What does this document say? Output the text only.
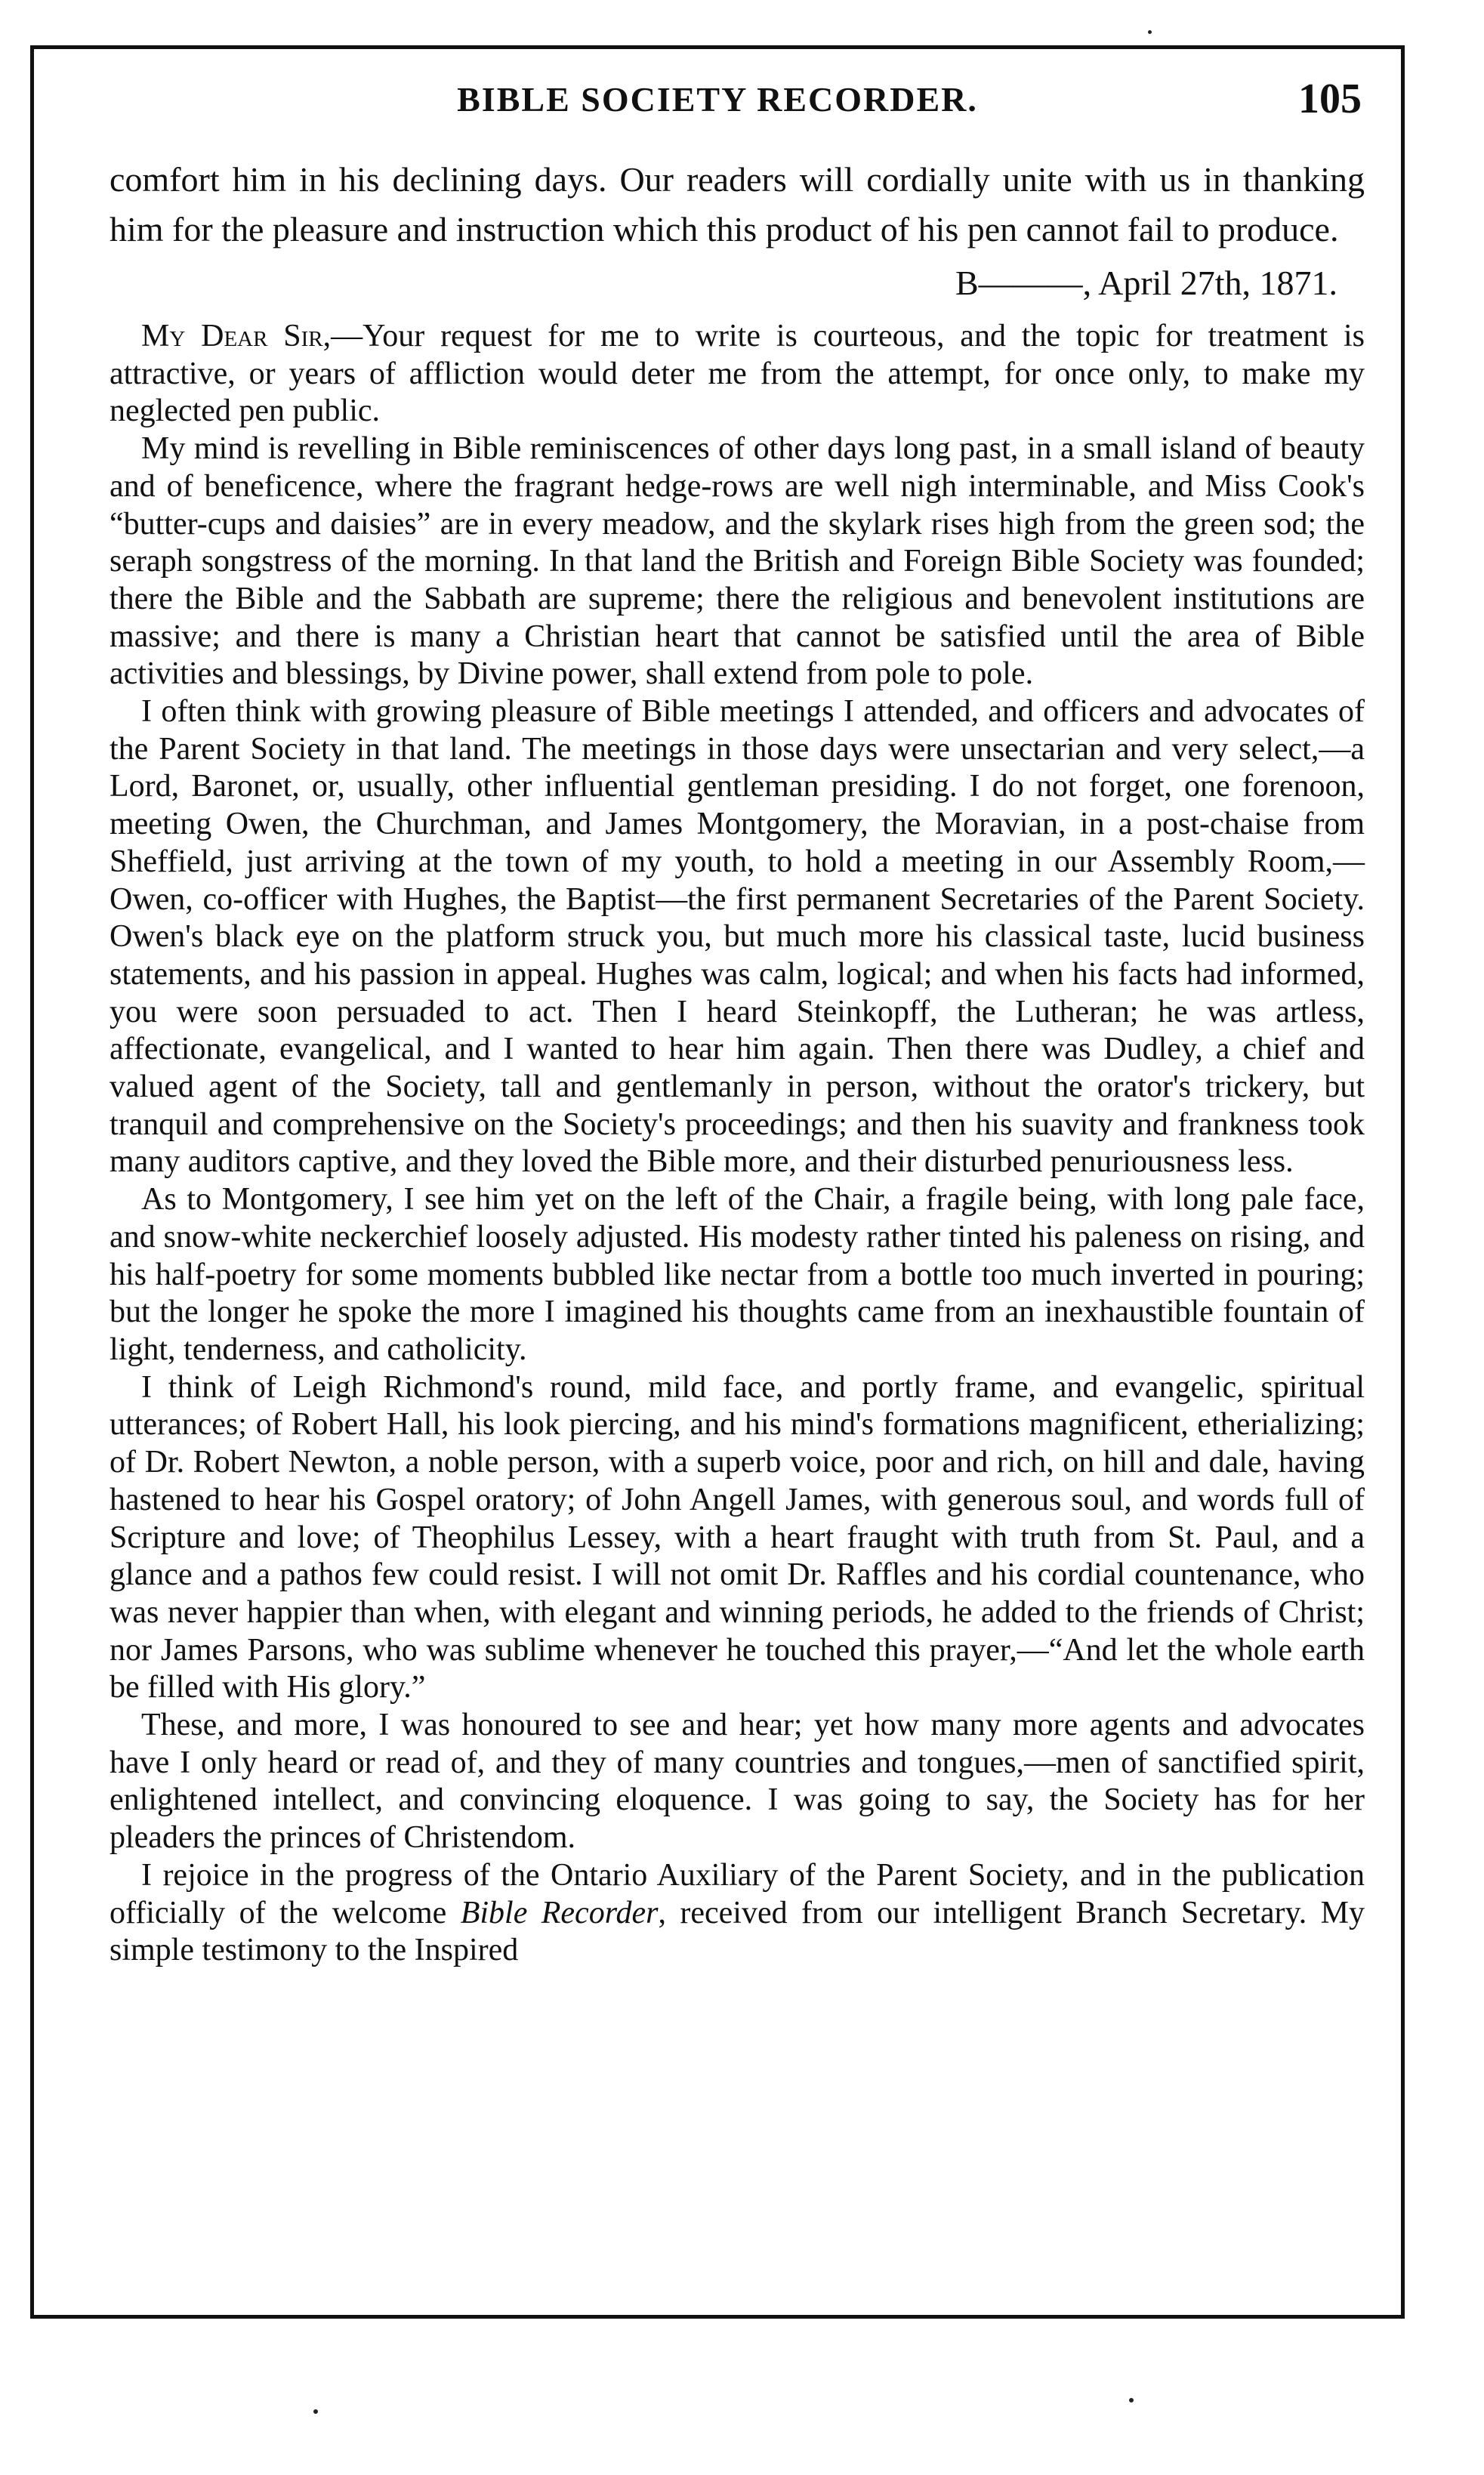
BIBLE SOCIETY RECORDER.	105

comfort him in his declining days. Our readers will cordially unite with us in thanking him for the pleasure and instruction which this product of his pen cannot fail to produce.

B———, April 27th, 1871.

My Dear Sir,—Your request for me to write is courteous, and the topic for treatment is attractive, or years of affliction would deter me from the attempt, for once only, to make my neglected pen public.

My mind is revelling in Bible reminiscences of other days long past, in a small island of beauty and of beneficence, where the fragrant hedge-rows are well nigh interminable, and Miss Cook's “butter-cups and daisies” are in every meadow, and the skylark rises high from the green sod; the seraph songstress of the morning. In that land the British and Foreign Bible Society was founded; there the Bible and the Sabbath are supreme; there the religious and benevolent institutions are massive; and there is many a Christian heart that cannot be satisfied until the area of Bible activities and blessings, by Divine power, shall extend from pole to pole.

I often think with growing pleasure of Bible meetings I attended, and officers and advocates of the Parent Society in that land. The meetings in those days were unsectarian and very select,—a Lord, Baronet, or, usually, other influential gentleman presiding. I do not forget, one forenoon, meeting Owen, the Churchman, and James Montgomery, the Moravian, in a post-chaise from Sheffield, just arriving at the town of my youth, to hold a meeting in our Assembly Room,—Owen, co-officer with Hughes, the Baptist—the first permanent Secretaries of the Parent Society. Owen's black eye on the platform struck you, but much more his classical taste, lucid business statements, and his passion in appeal. Hughes was calm, logical; and when his facts had informed, you were soon persuaded to act. Then I heard Steinkopff, the Lutheran; he was artless, affectionate, evangelical, and I wanted to hear him again. Then there was Dudley, a chief and valued agent of the Society, tall and gentlemanly in person, without the orator's trickery, but tranquil and comprehensive on the Society's proceedings; and then his suavity and frankness took many auditors captive, and they loved the Bible more, and their disturbed penuriousness less.

As to Montgomery, I see him yet on the left of the Chair, a fragile being, with long pale face, and snow-white neckerchief loosely adjusted. His modesty rather tinted his paleness on rising, and his half-poetry for some moments bubbled like nectar from a bottle too much inverted in pouring; but the longer he spoke the more I imagined his thoughts came from an inexhaustible fountain of light, tenderness, and catholicity.

I think of Leigh Richmond's round, mild face, and portly frame, and evangelic, spiritual utterances; of Robert Hall, his look piercing, and his mind's formations magnificent, etherializing; of Dr. Robert Newton, a noble person, with a superb voice, poor and rich, on hill and dale, having hastened to hear his Gospel oratory; of John Angell James, with generous soul, and words full of Scripture and love; of Theophilus Lessey, with a heart fraught with truth from St. Paul, and a glance and a pathos few could resist. I will not omit Dr. Raffles and his cordial countenance, who was never happier than when, with elegant and winning periods, he added to the friends of Christ; nor James Parsons, who was sublime whenever he touched this prayer,—“And let the whole earth be filled with His glory.”

These, and more, I was honoured to see and hear; yet how many more agents and advocates have I only heard or read of, and they of many countries and tongues,—men of sanctified spirit, enlightened intellect, and convincing eloquence. I was going to say, the Society has for her pleaders the princes of Christendom.

I rejoice in the progress of the Ontario Auxiliary of the Parent Society, and in the publication officially of the welcome Bible Recorder, received from our intelligent Branch Secretary. My simple testimony to the Inspired
